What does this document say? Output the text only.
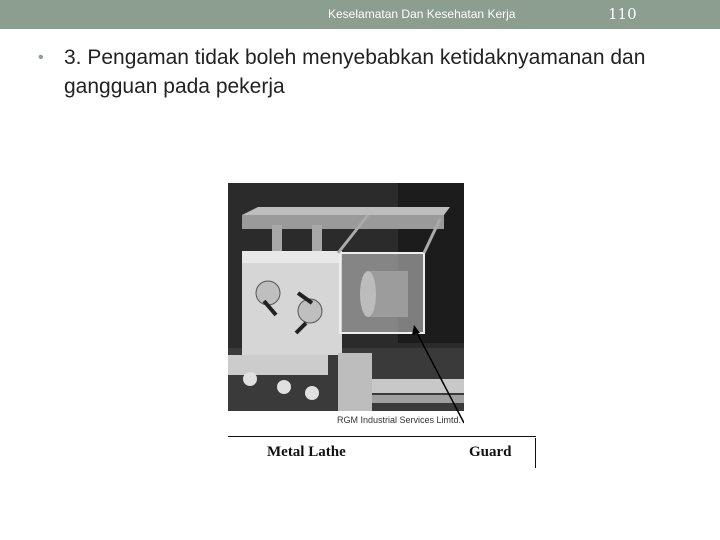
Keselamatan Dan Kesehatan Kerja	110
• 3. Pengaman tidak boleh menyebabkan ketidaknyamanan dan gangguan pada pekerja
RGM Industrial Services Limtd.
Metal Lathe	Guard
